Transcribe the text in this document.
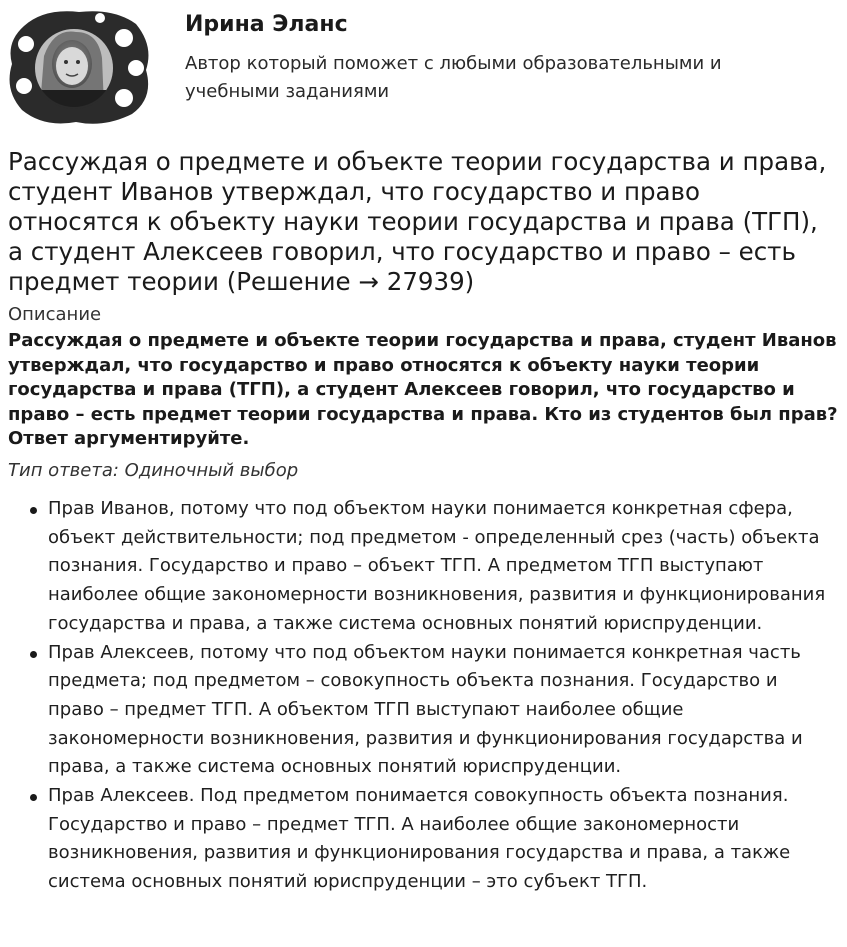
Ирина Эланс
Автор который поможет с любыми образовательными и учебными заданиями
Рассуждая о предмете и объекте теории государства и права, студент Иванов утверждал, что государство и право относятся к объекту науки теории государства и права (ТГП), а студент Алексеев говорил, что государство и право – есть предмет теории (Решение → 27939)
Описание
Рассуждая о предмете и объекте теории государства и права, студент Иванов утверждал, что государство и право относятся к объекту науки теории государства и права (ТГП), а студент Алексеев говорил, что государство и право – есть предмет теории государства и права. Кто из студентов был прав? Ответ аргументируйте.
Тип ответа: Одиночный выбор
Прав Иванов, потому что под объектом науки понимается конкретная сфера, объект действительности; под предметом - определенный срез (часть) объекта познания. Государство и право – объект ТГП. А предметом ТГП выступают наиболее общие закономерности возникновения, развития и функционирования государства и права, а также система основных понятий юриспруденции.
Прав Алексеев, потому что под объектом науки понимается конкретная часть предмета; под предметом – совокупность объекта познания. Государство и право – предмет ТГП. А объектом ТГП выступают наиболее общие закономерности возникновения, развития и функционирования государства и права, а также система основных понятий юриспруденции.
Прав Алексеев. Под предметом понимается совокупность объекта познания. Государство и право – предмет ТГП. А наиболее общие закономерности возникновения, развития и функционирования государства и права, а также система основных понятий юриспруденции – это субъект ТГП.
